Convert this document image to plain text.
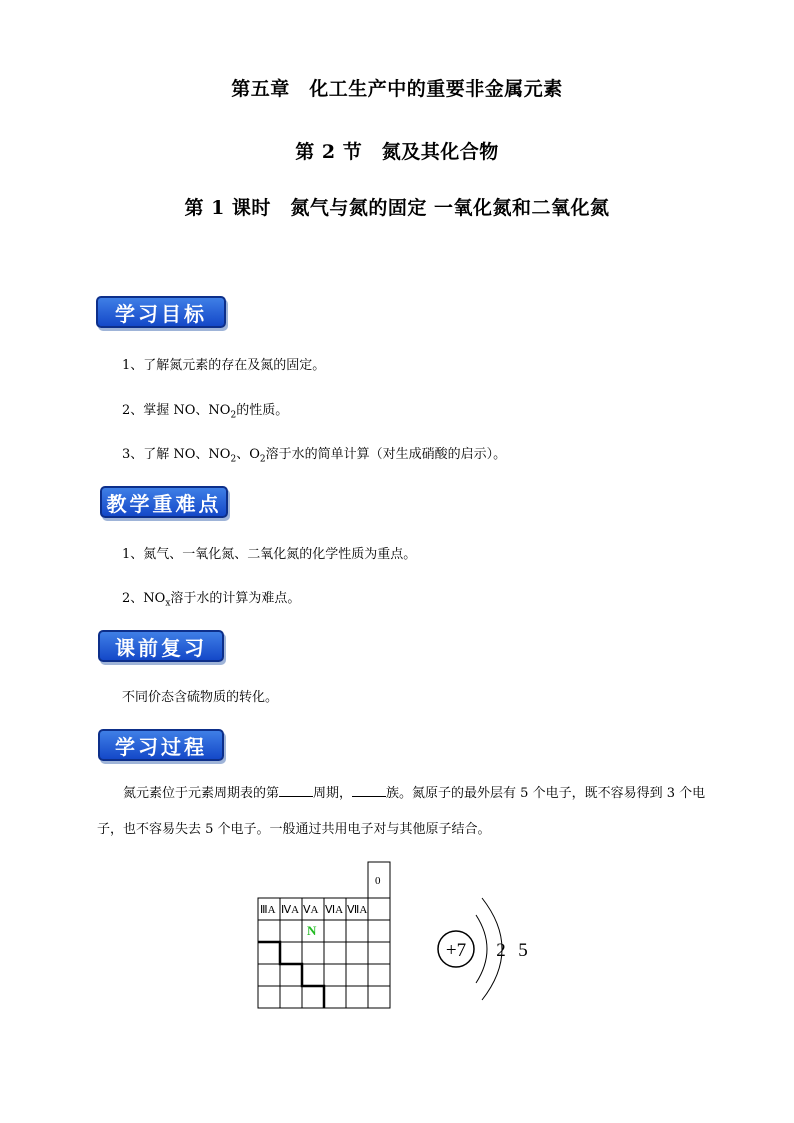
第五章　化工生产中的重要非金属元素
第 2 节　氮及其化合物
第 1 课时　氮气与氮的固定 一氧化氮和二氧化氮
学习目标
1、了解氮元素的存在及氮的固定。
2、掌握 NO、$NO_2$的性质。
3、了解 NO、$NO_2$、$O_2$溶于水的简单计算（对生成硝酸的启示）。
教学重难点
1、氮气、一氧化氮、二氧化氮的化学性质为重点。
2、$NO_x$溶于水的计算为难点。
课前复习
不同价态含硫物质的转化。
学习过程
氮元素位于元素周期表的第	周期，	族。氮原子的最外层有 5 个电子，既不容易得到 3 个电子，也不容易失去 5 个电子。一般通过共用电子对与其他原子结合。
ⅢA ⅣA ⅤA ⅥA ⅦA
0
N
+7 2 5
